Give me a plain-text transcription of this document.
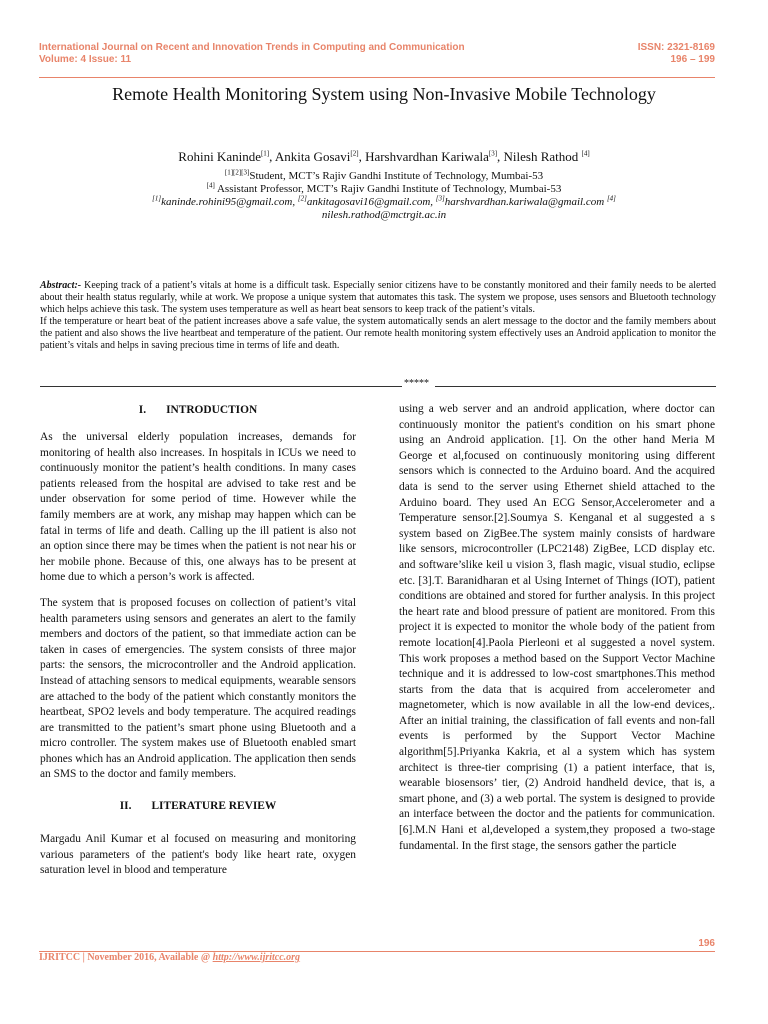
International Journal on Recent and Innovation Trends in Computing and Communication
Volume: 4 Issue: 11
ISSN: 2321-8169
196 – 199
Remote Health Monitoring System using Non-Invasive Mobile Technology
Rohini Kaninde[1], Ankita Gosavi[2], Harshvardhan Kariwala[3], Nilesh Rathod [4]
[1][2][3]Student, MCT’s Rajiv Gandhi Institute of Technology, Mumbai-53
[4] Assistant Professor, MCT’s Rajiv Gandhi Institute of Technology, Mumbai-53
[1]kaninde.rohini95@gmail.com, [2]ankitagosavi16@gmail.com, [3]harshvardhan.kariwala@gmail.com [4]
nilesh.rathod@mctrgit.ac.in

Abstract:- Keeping track of a patient’s vitals at home is a difficult task. Especially senior citizens have to be constantly monitored and their family needs to be alerted about their health status regularly, while at work. We propose a unique system that automates this task. The system we propose, uses sensors and Bluetooth technology which helps achieve this task. The system uses temperature as well as heart beat sensors to keep track of the patient’s vitals.

If the temperature or heart beat of the patient increases above a safe value, the system automatically sends an alert message to the doctor and the family members about the patient and also shows the live heartbeat and temperature of the patient. Our remote health monitoring system effectively uses an Android application to monitor the patient’s vitals and helps in saving precious time in terms of life and death.

*****
I. INTRODUCTION

As the universal elderly population increases, demands for monitoring of health also increases. In hospitals in ICUs we need to continuously monitor the patient’s health conditions. In many cases patients released from the hospital are advised to take rest and be under observation for some period of time. However while the family members are at work, any mishap may happen which can be fatal in terms of life and death. Calling up the ill patient is also not an option since there may be times when the patient is not near his or her mobile phone. Because of this, one always has to be present at home due to which a person’s work is affected.

The system that is proposed focuses on collection of patient’s vital health parameters using sensors and generates an alert to the family members and doctors of the patient, so that immediate action can be taken in cases of emergencies. The system consists of three major parts: the sensors, the microcontroller and the Android application. Instead of attaching sensors to medical equipments, wearable sensors are attached to the body of the patient which constantly monitors the heartbeat, SPO2 levels and body temperature. The acquired readings are transmitted to the patient’s smart phone using Bluetooth and a micro controller. The system makes use of Bluetooth enabled smart phones which has an Android application. The application then sends an SMS to the doctor and family members.

II. LITERATURE REVIEW

Margadu Anil Kumar et al focused on measuring and monitoring various parameters of the patient's body like heart rate, oxygen saturation level in blood and temperature

using a web server and an android application, where doctor can continuously monitor the patient's condition on his smart phone using an Android application. [1]. On the other hand Meria M George et al,focused on continuously monitoring using different sensors which is connected to the Arduino board. And the acquired data is send to the server using Ethernet shield attached to the Arduino board. They used An ECG Sensor,Accelerometer and a Temperature sensor.[2].Soumya S. Kenganal et al suggested a s system based on ZigBee.The system mainly consists of hardware like sensors, microcontroller (LPC2148) ZigBee, LCD display etc. and software’slike keil u vision 3, flash magic, visual studio, eclipse etc. [3].T. Baranidharan et al Using Internet of Things (IOT), patient conditions are obtained and stored for further analysis. In this project the heart rate and blood pressure of patient are monitored. From this project it is expected to monitor the whole body of the patient from remote location[4].Paola Pierleoni et al suggested a novel system. This work proposes a method based on the Support Vector Machine technique and it is addressed to low-cost smartphones.This method starts from the data that is acquired from accelerometer and magnetometer, which is now available in all the low-end devices,. After an initial training, the classification of fall events and non-fall events is performed by the Support Vector Machine algorithm[5].Priyanka Kakria, et al a system which has system architect is three-tier comprising (1) a patient interface, that is, wearable biosensors’ tier, (2) Android handheld device, that is, a smart phone, and (3) a web portal. The system is designed to provide an interface between the doctor and the patients for communication.[6].M.N Hani et al,developed a system,they proposed a two-stage fundamental. In the first stage, the sensors gather the particle

196
IJRITCC | November 2016, Available @ http://www.ijritcc.org
